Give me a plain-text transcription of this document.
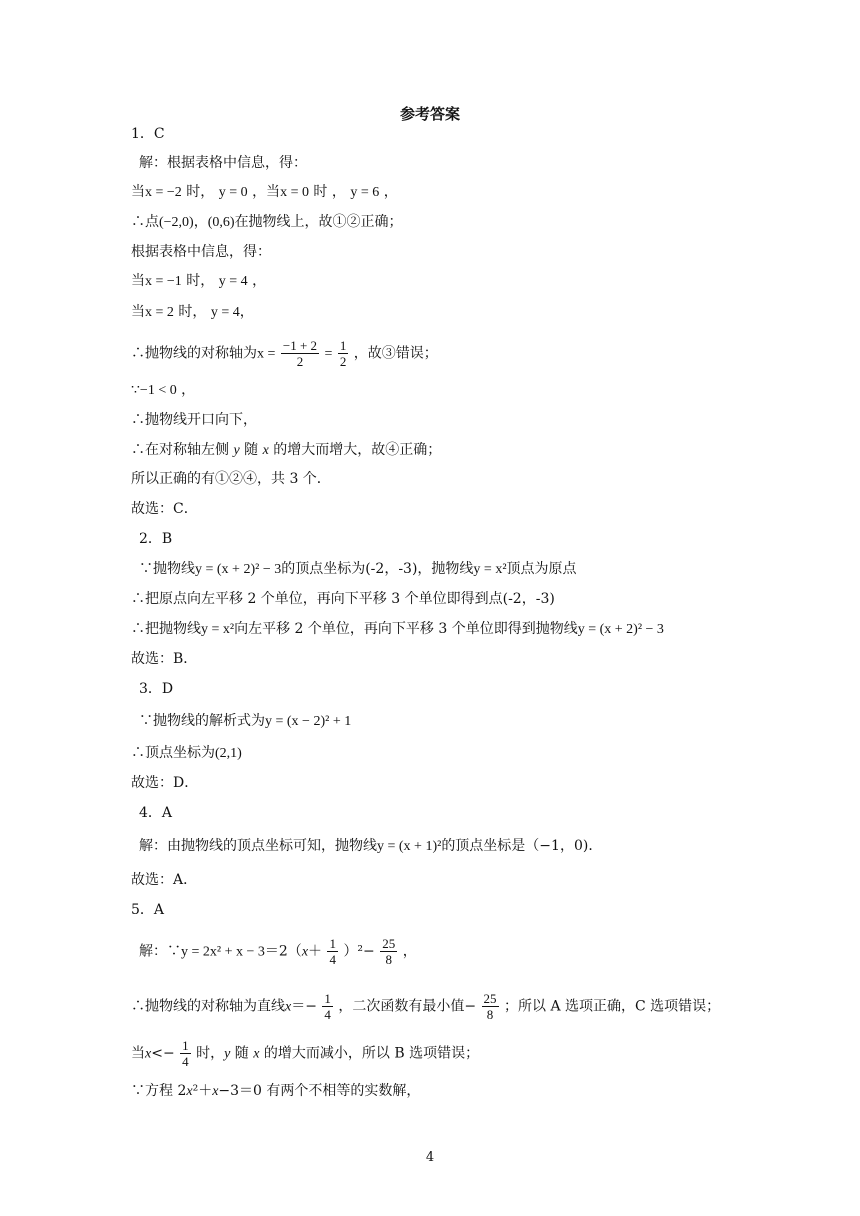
参考答案
1．C
解：根据表格中信息，得：
当x = −2 时， y = 0 ，当x = 0 时 ， y = 6 ，
∴点(−2,0)，(0,6)在抛物线上，故①②正确；
根据表格中信息，得：
当x = −1 时， y = 4 ，
当x = 2 时， y = 4，
∴抛物线的对称轴为$x = \frac{-1 + 2}{2} = \frac{1}{2}$ ，故③错误；
∵−1 < 0 ，
∴抛物线开口向下，
∴在对称轴左侧 y 随 x 的增大而增大，故④正确；
所以正确的有①②④，共 3 个．
故选：C．
2．B
∵抛物线y = (x + 2)² − 3的顶点坐标为(-2，-3)，抛物线y = x²顶点为原点
∴把原点向左平移 2 个单位，再向下平移 3 个单位即得到点(-2，-3)
∴把抛物线y = x²向左平移 2 个单位，再向下平移 3 个单位即得到抛物线y = (x + 2)² − 3
故选：B．
3．D
∵抛物线的解析式为y = (x − 2)² + 1
∴顶点坐标为(2,1)
故选：D．
4．A
解：由抛物线的顶点坐标可知，抛物线y = (x + 1)²的顶点坐标是（−1，0)．
故选：A．
5．A
解：∵y = $2x^2 + x - 3=2(x+ \frac{1}{4} )^2- \frac{25}{8}$ ，
∴抛物线的对称轴为直线$x=- \frac{1}{4}$ ，二次函数有最小值− $\frac{25}{8}$ ；所以 A 选项正确，C 选项错误；
当$x<- \frac{1}{4}$ 时，y 随 x 的增大而减小，所以 B 选项错误；
∵方程 2x²＋x−3＝0 有两个不相等的实数解，
4
